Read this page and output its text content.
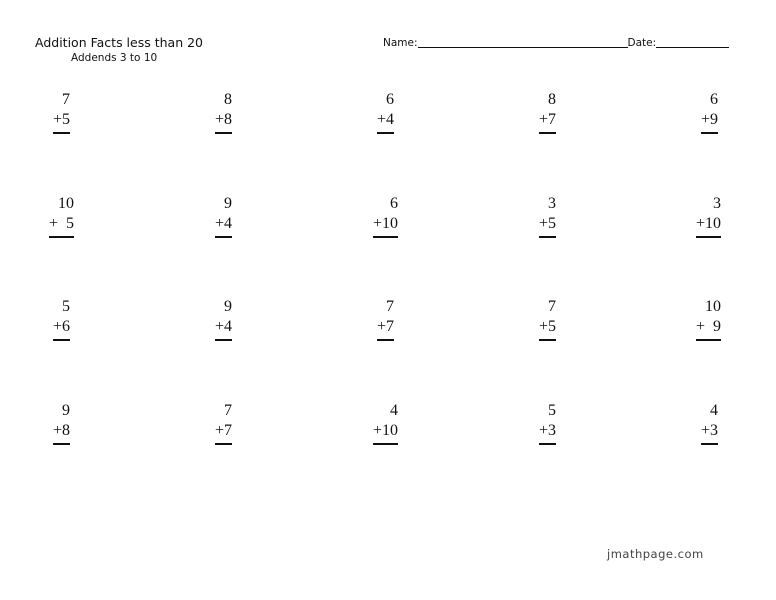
Addition Facts less than 20
Addends 3 to 10
Name:	Date:
7
+5
8
+8
6
+4
8
+7
6
+9
10
+  5
9
+4
6
+10
3
+5
3
+10
5
+6
9
+4
7
+7
7
+5
10
+  9
9
+8
7
+7
4
+10
5
+3
4
+3
jmathpage.com
